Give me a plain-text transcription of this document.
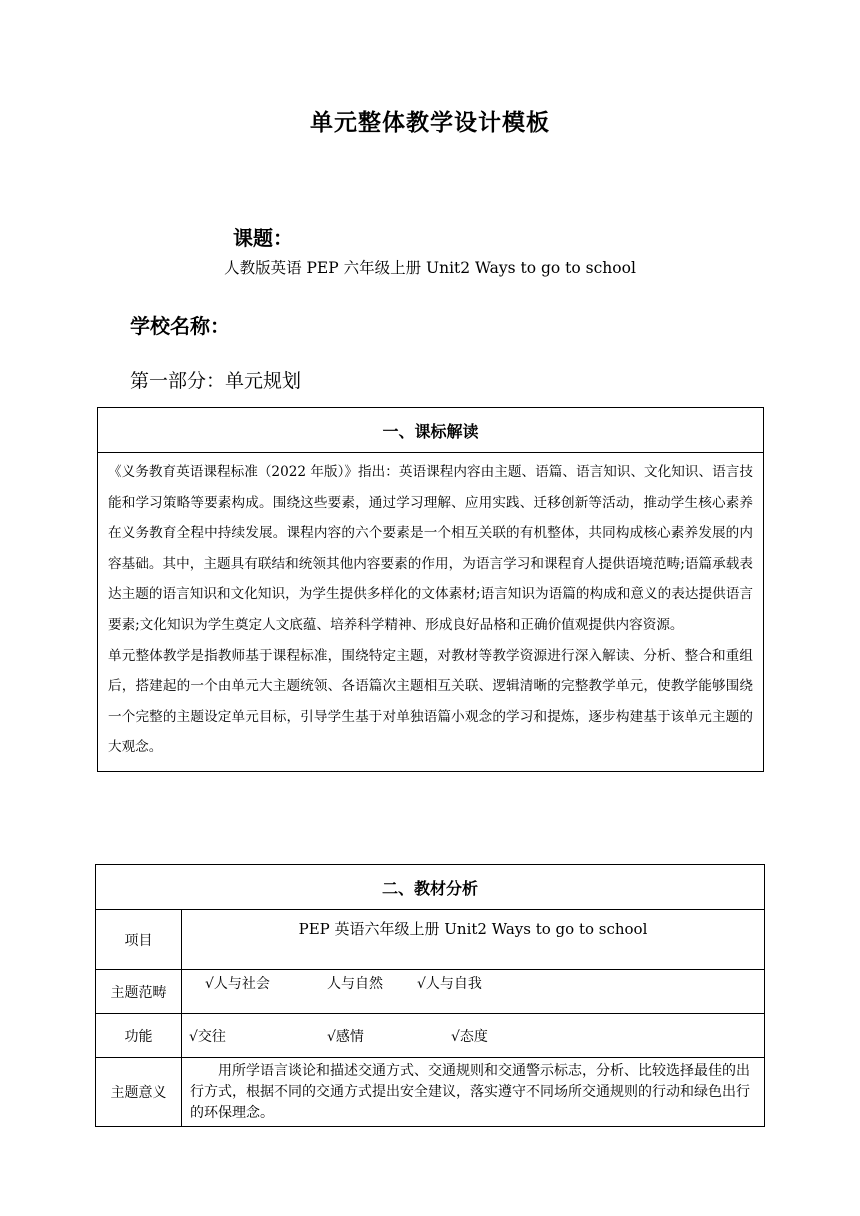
单元整体教学设计模板
课题：
人教版英语 PEP 六年级上册 Unit2 Ways to go to school
学校名称：
第一部分：单元规划
一、课标解读

《义务教育英语课程标准（2022 年版）》指出：英语课程内容由主题、语篇、语言知识、文化知识、语言技能和学习策略等要素构成。围绕这些要素，通过学习理解、应用实践、迁移创新等活动，推动学生核心素养在义务教育全程中持续发展。课程内容的六个要素是一个相互关联的有机整体，共同构成核心素养发展的内容基础。其中，主题具有联结和统领其他内容要素的作用，为语言学习和课程育人提供语境范畴;语篇承载表达主题的语言知识和文化知识，为学生提供多样化的文体素材;语言知识为语篇的构成和意义的表达提供语言要素;文化知识为学生奠定人文底蕴、培养科学精神、形成良好品格和正确价值观提供内容资源。

单元整体教学是指教师基于课程标准，围绕特定主题，对教材等教学资源进行深入解读、分析、整合和重组后，搭建起的一个由单元大主题统领、各语篇次主题相互关联、逻辑清晰的完整教学单元，使教学能够围绕一个完整的主题设定单元目标，引导学生基于对单独语篇小观念的学习和提炼，逐步构建基于该单元主题的大观念。

二、教材分析	
项目	PEP 英语六年级上册 Unit2 Ways to go to school
主题范畴	√人与社会 人与自然 √人与自我
功能	√交往 √感情 √态度
主题意义	用所学语言谈论和描述交通方式、交通规则和交通警示标志，分析、比较选择最佳的出行方式，根据不同的交通方式提出安全建议，落实遵守不同场所交通规则的行动和绿色出行的环保理念。
